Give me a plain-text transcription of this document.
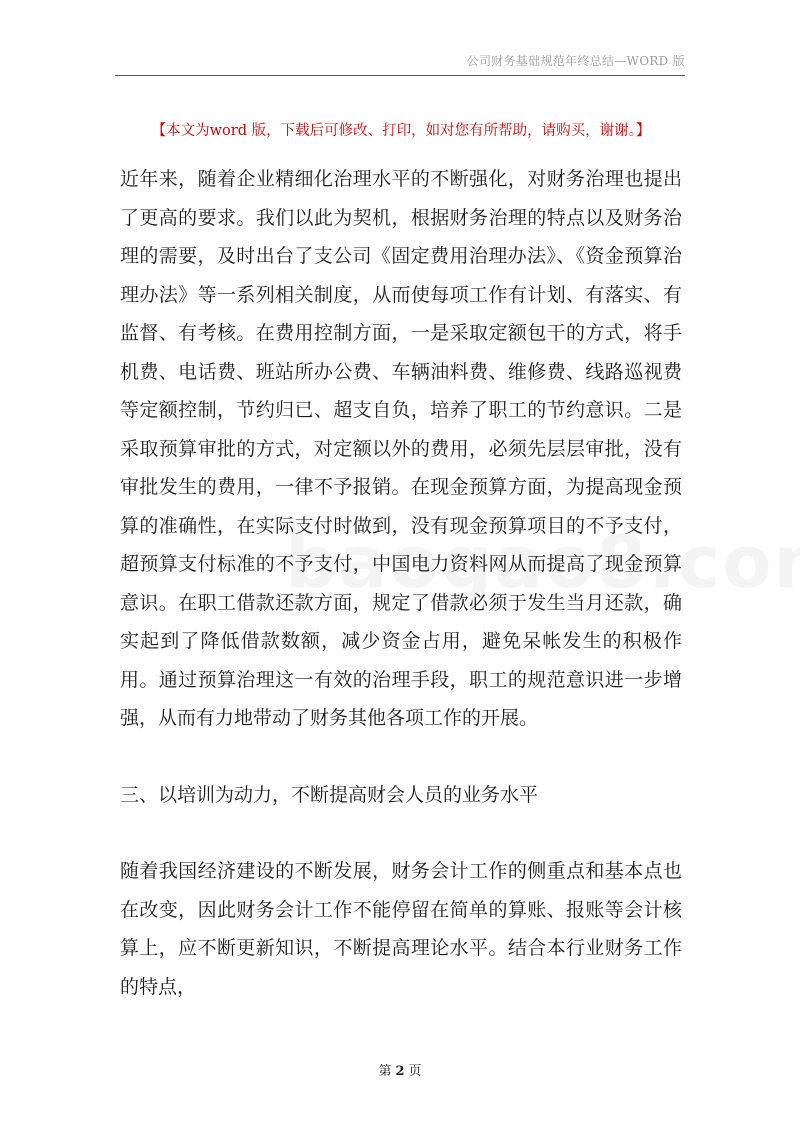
公司财务基础规范年终总结—WORD 版
【本文为word 版，下载后可修改、打印，如对您有所帮助，请购买，谢谢。】

近年来，随着企业精细化治理水平的不断强化，对财务治理也提出了更高的要求。我们以此为契机，根据财务治理的特点以及财务治理的需要，及时出台了支公司《固定费用治理办法》、《资金预算治理办法》等一系列相关制度，从而使每项工作有计划、有落实、有监督、有考核。在费用控制方面，一是采取定额包干的方式，将手机费、电话费、班站所办公费、车辆油料费、维修费、线路巡视费等定额控制，节约归已、超支自负，培养了职工的节约意识。二是采取预算审批的方式，对定额以外的费用，必须先层层审批，没有审批发生的费用，一律不予报销。在现金预算方面，为提高现金预算的准确性，在实际支付时做到，没有现金预算项目的不予支付，超预算支付标准的不予支付，中国电力资料网从而提高了现金预算意识。在职工借款还款方面，规定了借款必须于发生当月还款，确实起到了降低借款数额，减少资金占用，避免呆帐发生的积极作用。通过预算治理这一有效的治理手段，职工的规范意识进一步增强，从而有力地带动了财务其他各项工作的开展。

三、以培训为动力，不断提高财会人员的业务水平

随着我国经济建设的不断发展，财务会计工作的侧重点和基本点也在改变，因此财务会计工作不能停留在简单的算账、报账等会计核算上，应不断更新知识，不断提高理论水平。结合本行业财务工作的特点，

第 2 页
